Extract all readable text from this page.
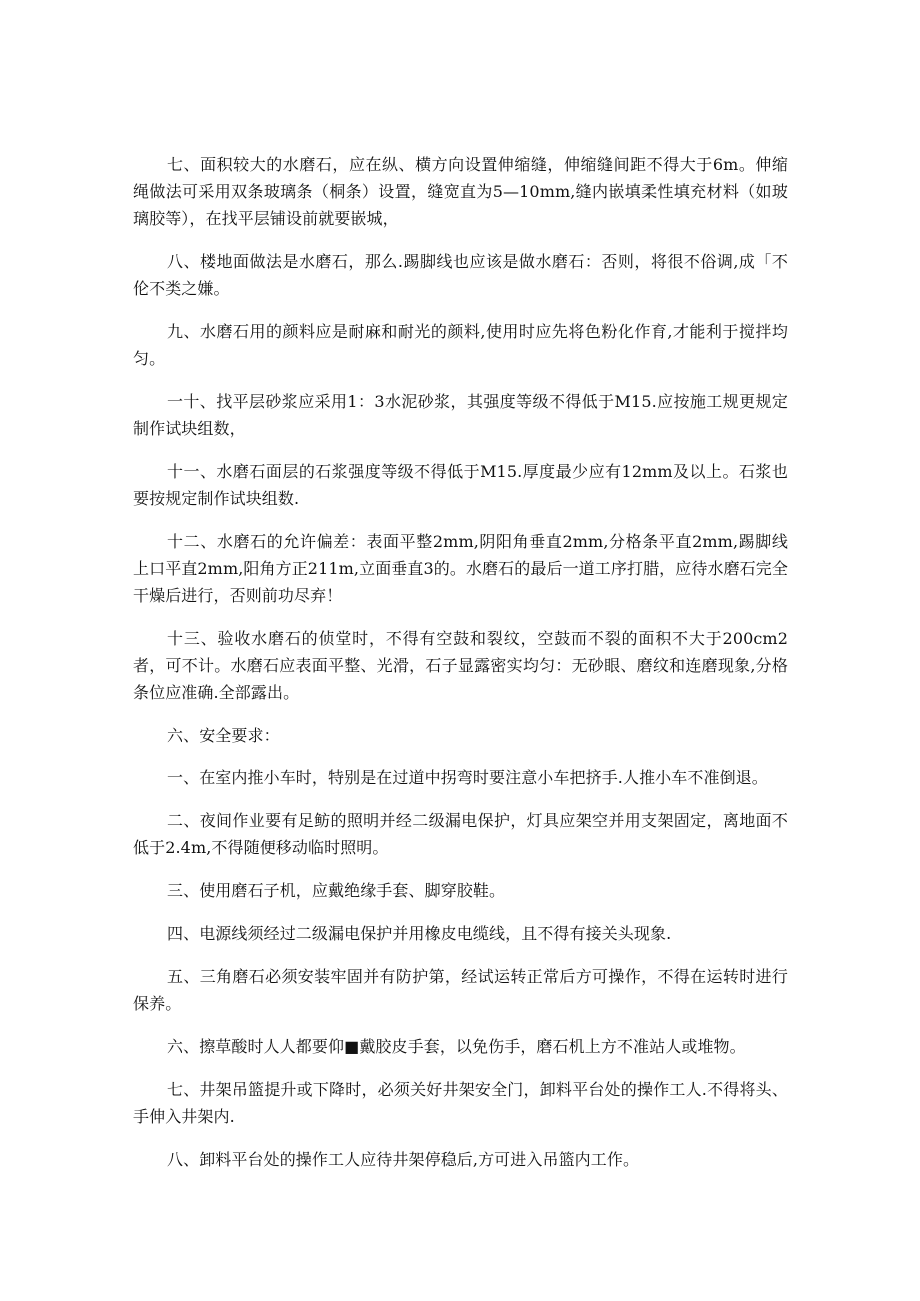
七、面积较大的水磨石，应在纵、横方向设置伸缩缝，伸缩缝间距不得大于6m。伸缩绳做法可采用双条玻璃条（桐条）设置，缝宽直为5—10mm,缝内嵌填柔性填充材料（如玻璃胶等），在找平层铺设前就要嵌城，

八、楼地面做法是水磨石，那么.踢脚线也应该是做水磨石：否则，将很不俗调,成「不伦不类之嫌。

九、水磨石用的颜料应是耐麻和耐光的颜料,使用时应先将色粉化作育,才能利于搅拌均匀。

一十、找平层砂浆应采用1：3水泥砂浆，其强度等级不得低于M15.应按施工规更规定制作试块组数，

十一、水磨石面层的石浆强度等级不得低于M15.厚度最少应有12mm及以上。石浆也要按规定制作试块组数.

十二、水磨石的允许偏差：表面平整2mm,阴阳角垂直2mm,分格条平直2mm,踢脚线上口平直2mm,阳角方正211m,立面垂直3的。水磨石的最后一道工序打腊，应待水磨石完全干燥后进行，否则前功尽弃！

十三、验收水磨石的侦堂时，不得有空鼓和裂纹，空鼓而不裂的面积不大于200cm2者，可不计。水磨石应表面平整、光滑，石子显露密实均匀：无砂眼、磨纹和连磨现象,分格条位应准确.全部露出。

六、安全要求：

一、在室内推小车时，特别是在过道中拐弯时要注意小车把挤手.人推小车不准倒退。

二、夜间作业要有足鲂的照明并经二级漏电保护，灯具应架空并用支架固定，离地面不低于2.4m,不得随便移动临时照明。

三、使用磨石子机，应戴绝缘手套、脚穿胶鞋。

四、电源线须经过二级漏电保护并用橡皮电缆线，且不得有接关头现象.

五、三角磨石必须安装牢固并有防护第，经试运转正常后方可操作，不得在运转时进行保养。

六、擦草酸时人人都要仰■戴胶皮手套，以免伤手，磨石机上方不准站人或堆物。

七、井架吊篮提升或下降时，必须关好井架安全门，卸料平台处的操作工人.不得将头、手伸入井架内.

八、卸料平台处的操作工人应待井架停稳后,方可进入吊篮内工作。
